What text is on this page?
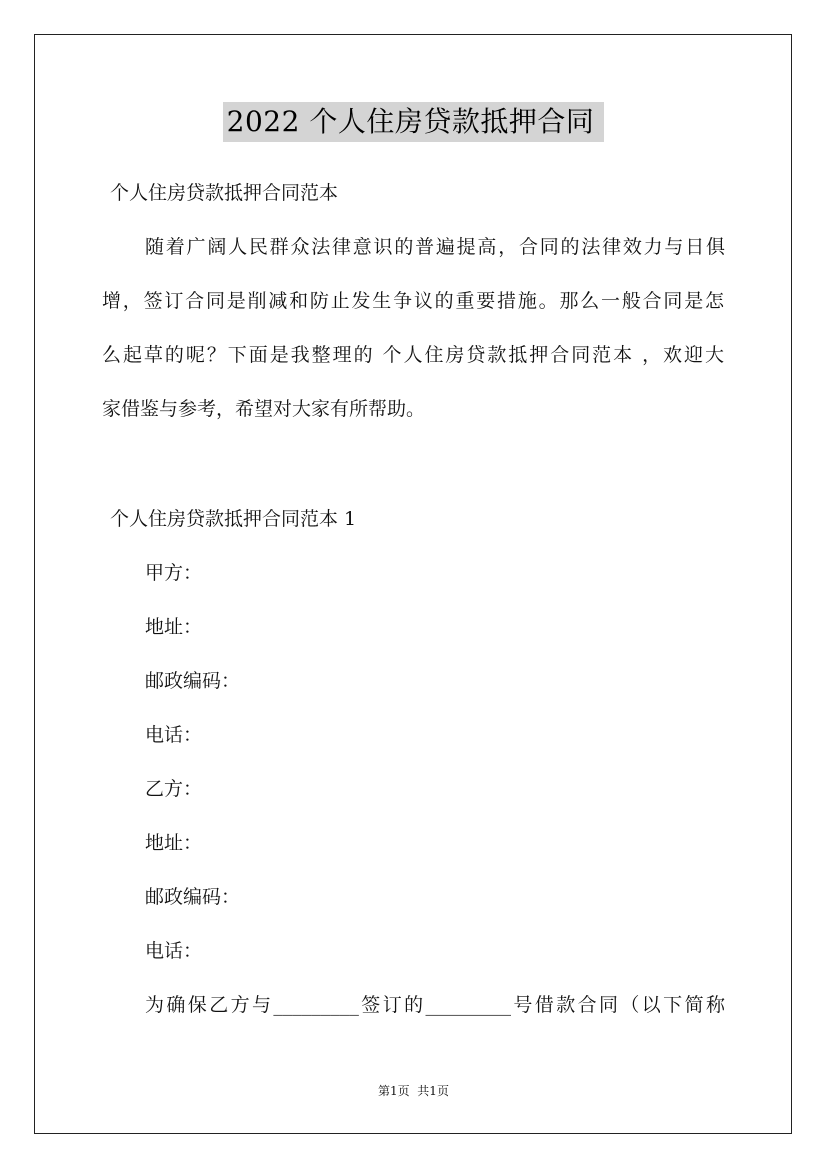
2022 个人住房贷款抵押合同
个人住房贷款抵押合同范本
随着广阔人民群众法律意识的普遍提高，合同的法律效力与日俱
增，签订合同是削减和防止发生争议的重要措施。那么一般合同是怎
么起草的呢？下面是我整理的 个人住房贷款抵押合同范本 ，欢迎大
家借鉴与参考，希望对大家有所帮助。
个人住房贷款抵押合同范本 1
甲方：
地址：
邮政编码：
电话：
乙方：
地址：
邮政编码：
电话：
为确保乙方与_________签订的_________号借款合同（以下简称
第1页  共1页
